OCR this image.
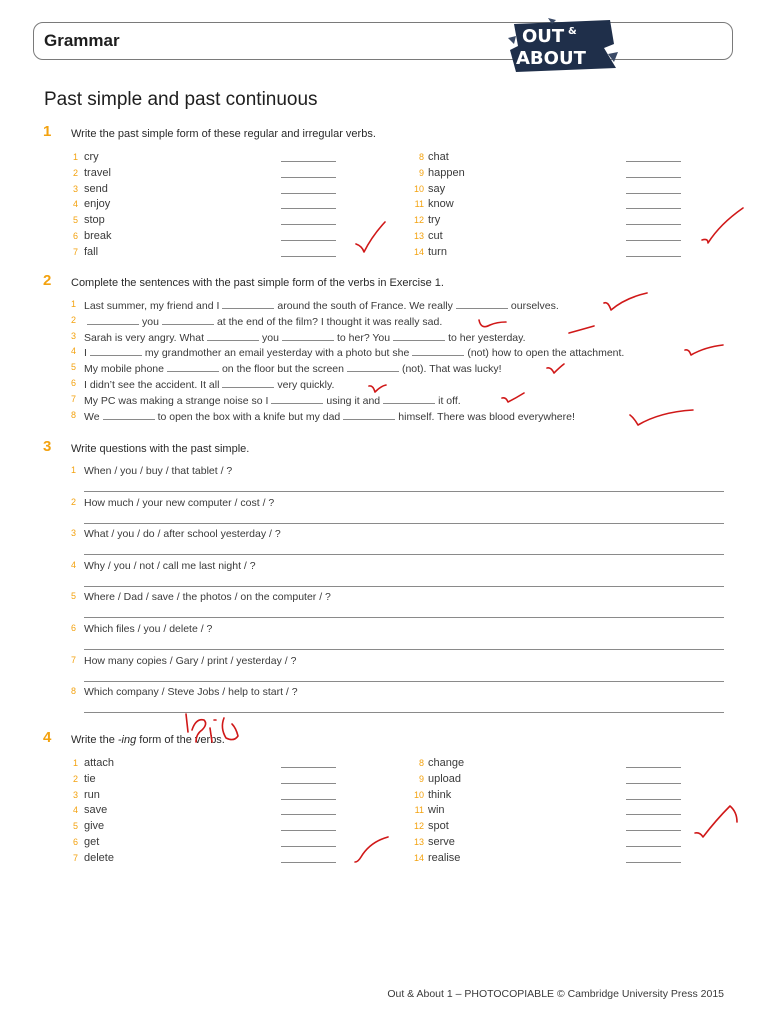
Grammar	OUT &
ABOUT
Past simple and past continuous
1 Write the past simple form of these regular and irregular verbs.
1 cry
2 travel
3 send
4 enjoy
5 stop
6 break
7 fall
8 chat
9 happen
10 say
11 know
12 try
13 cut
14 turn
2 Complete the sentences with the past simple form of the verbs in Exercise 1.
1 Last summer, my friend and I	around the south of France. We really	ourselves.
2	you	at the end of the film? I thought it was really sad.
3 Sarah is very angry. What	you	to her? You	to her yesterday.
4 I	my grandmother an email yesterday with a photo but she	(not) how to open the attachment.
5 My mobile phone	on the floor but the screen	(not). That was lucky!
6 I didn’t see the accident. It all	very quickly.
7 My PC was making a strange noise so I	using it and	it off.
8 We	to open the box with a knife but my dad	himself. There was blood everywhere!
3 Write questions with the past simple.
1 When / you / buy / that tablet / ?
2 How much / your new computer / cost / ?
3 What / you / do / after school yesterday / ?
4 Why / you / not / call me last night / ?
5 Where / Dad / save / the photos / on the computer / ?
6 Which files / you / delete / ?
7 How many copies / Gary / print / yesterday / ?
8 Which company / Steve Jobs / help to start / ?
4 Write the -ing form of the verbs.
1 attach
2 tie
3 run
4 save
5 give
6 get
7 delete
8 change
9 upload
10 think
11 win
12 spot
13 serve
14 realise
Out & About 1 – PHOTOCOPIABLE © Cambridge University Press 2015
